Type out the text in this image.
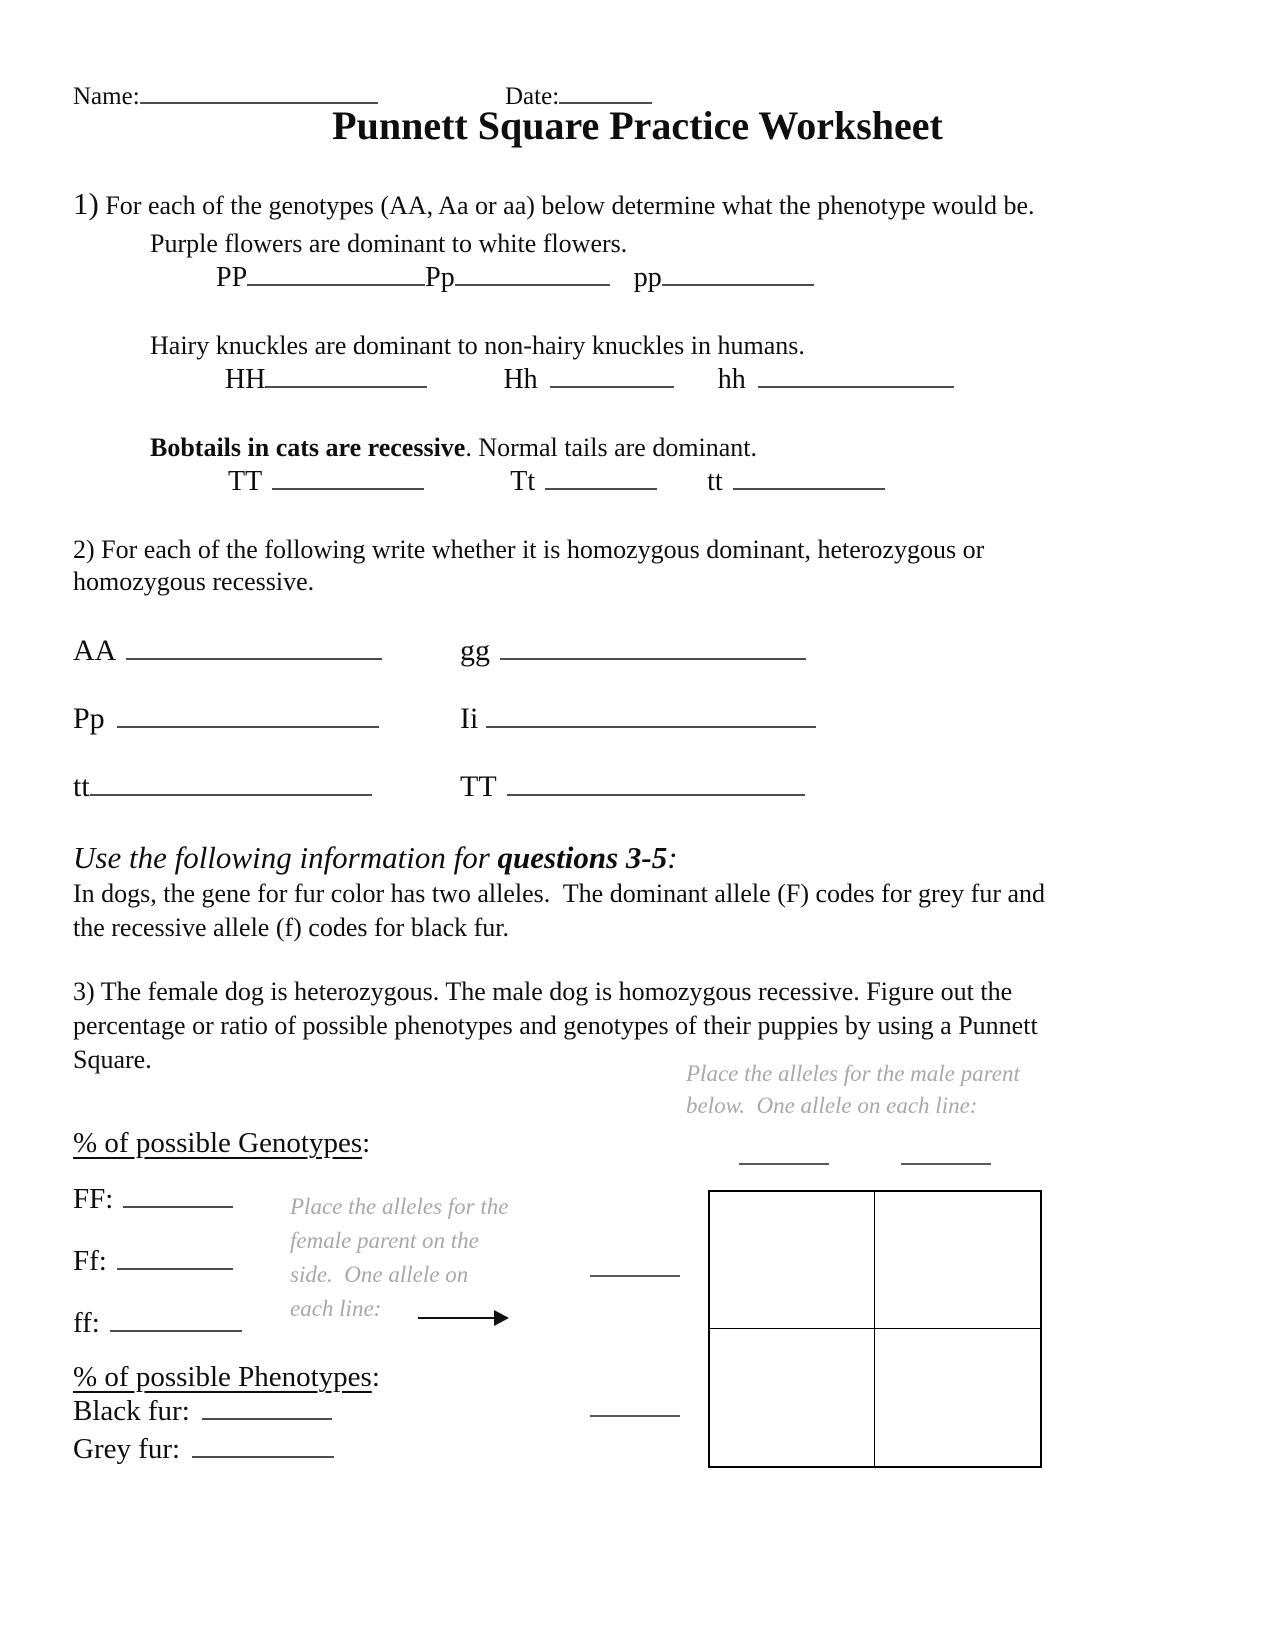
Name:	Date:
Punnett Square Practice Worksheet
1) For each of the genotypes (AA, Aa or aa) below determine what the phenotype would be.
Purple flowers are dominant to white flowers.
PP	Pp	pp
Hairy knuckles are dominant to non-hairy knuckles in humans.
HH	Hh	hh
Bobtails in cats are recessive. Normal tails are dominant.
TT	Tt	tt
2) For each of the following write whether it is homozygous dominant, heterozygous or
homozygous recessive.
AA	gg
Pp	Ii
tt	TT
Use the following information for questions 3-5:
In dogs, the gene for fur color has two alleles.  The dominant allele (F) codes for grey fur and
the recessive allele (f) codes for black fur.
3) The female dog is heterozygous. The male dog is homozygous recessive. Figure out the
percentage or ratio of possible phenotypes and genotypes of their puppies by using a Punnett
Square.	Place the alleles for the male parent
below.  One allele on each line:
% of possible Genotypes:
FF:
Ff:
ff:
Place the alleles for the
female parent on the
side.  One allele on
each line:
% of possible Phenotypes:
Black fur:
Grey fur:
